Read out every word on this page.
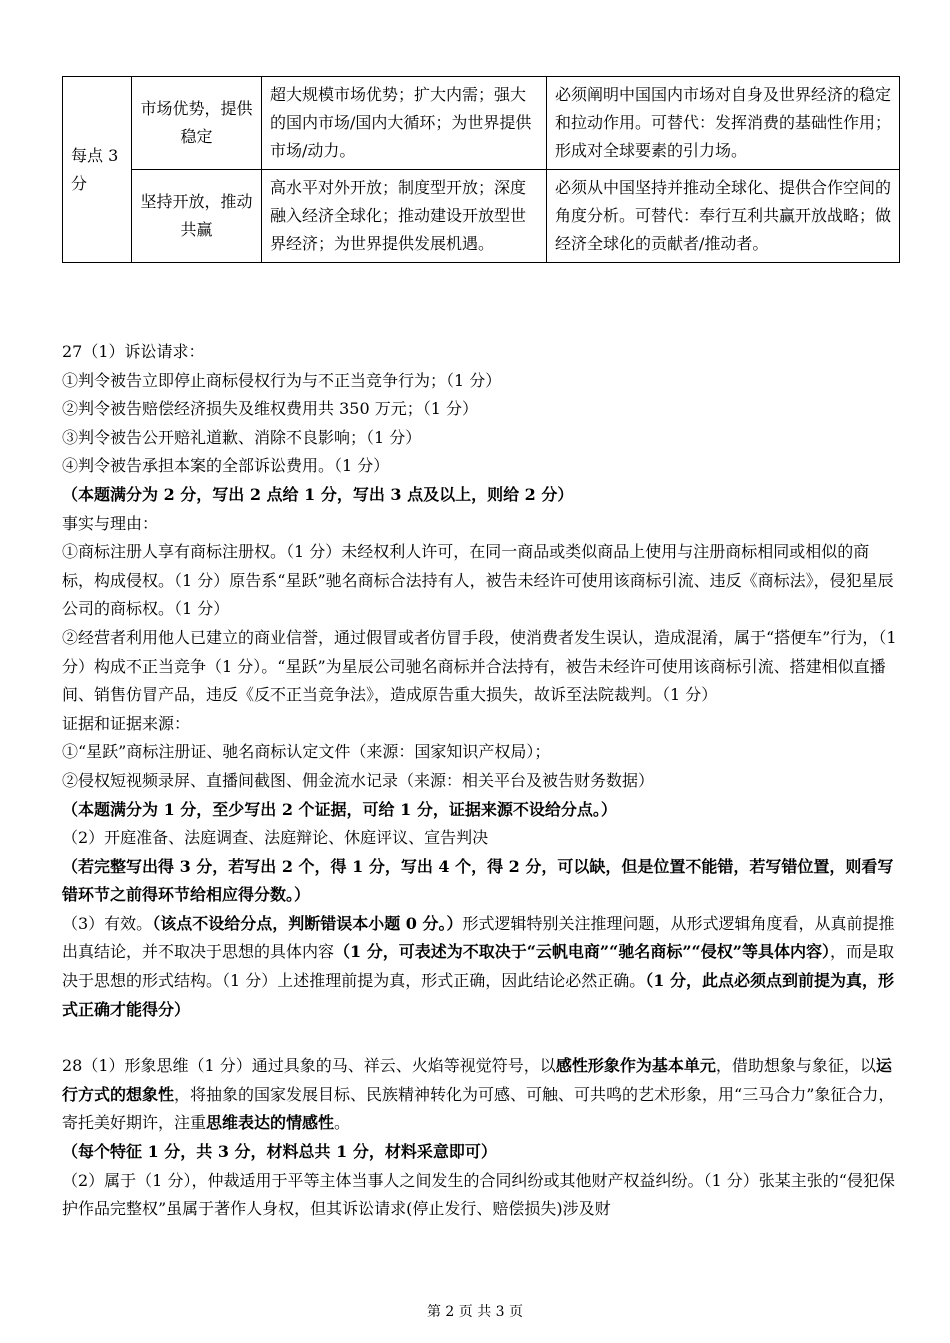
每点 3 分	市场优势，提供稳定	超大规模市场优势；扩大内需；强大的国内市场/国内大循环；为世界提供市场/动力。	必须阐明中国国内市场对自身及世界经济的稳定和拉动作用。可替代：发挥消费的基础性作用；形成对全球要素的引力场。
	坚持开放，推动共赢	高水平对外开放；制度型开放；深度融入经济全球化；推动建设开放型世界经济；为世界提供发展机遇。	必须从中国坚持并推动全球化、提供合作空间的角度分析。可替代：奉行互利共赢开放战略；做经济全球化的贡献者/推动者。

27（1）诉讼请求：

①判令被告立即停止商标侵权行为与不正当竞争行为；（1 分）

②判令被告赔偿经济损失及维权费用共 350 万元；（1 分）

③判令被告公开赔礼道歉、消除不良影响；（1 分）

④判令被告承担本案的全部诉讼费用。（1 分）

（本题满分为 2 分，写出 2 点给 1 分，写出 3 点及以上，则给 2 分）

事实与理由：

①商标注册人享有商标注册权。（1 分）未经权利人许可，在同一商品或类似商品上使用与注册商标相同或相似的商标，构成侵权。（1 分）原告系“星跃”驰名商标合法持有人，被告未经许可使用该商标引流、违反《商标法》，侵犯星辰公司的商标权。（1 分）

②经营者利用他人已建立的商业信誉，通过假冒或者仿冒手段，使消费者发生误认，造成混淆，属于“搭便车”行为，（1 分）构成不正当竞争（1 分）。“星跃”为星辰公司驰名商标并合法持有，被告未经许可使用该商标引流、搭建相似直播间、销售仿冒产品，违反《反不正当竞争法》，造成原告重大损失，故诉至法院裁判。（1 分）

证据和证据来源：

①“星跃”商标注册证、驰名商标认定文件（来源：国家知识产权局）；

②侵权短视频录屏、直播间截图、佣金流水记录（来源：相关平台及被告财务数据）

（本题满分为 1 分，至少写出 2 个证据，可给 1 分，证据来源不设给分点。）

（2）开庭准备、法庭调查、法庭辩论、休庭评议、宣告判决

（若完整写出得 3 分，若写出 2 个，得 1 分，写出 4 个，得 2 分，可以缺，但是位置不能错，若写错位置，则看写错环节之前得环节给相应得分数。）

（3）有效。（该点不设给分点，判断错误本小题 0 分。）形式逻辑特别关注推理问题，从形式逻辑角度看，从真前提推出真结论，并不取决于思想的具体内容（1 分，可表述为不取决于“云帆电商”“驰名商标”“侵权”等具体内容），而是取决于思想的形式结构。（1 分）上述推理前提为真，形式正确，因此结论必然正确。（1 分，此点必须点到前提为真，形式正确才能得分）

28（1）形象思维（1 分）通过具象的马、祥云、火焰等视觉符号，以感性形象作为基本单元，借助想象与象征，以运行方式的想象性，将抽象的国家发展目标、民族精神转化为可感、可触、可共鸣的艺术形象，用“三马合力”象征合力，寄托美好期许，注重思维表达的情感性。

（每个特征 1 分，共 3 分，材料总共 1 分，材料采意即可）

（2）属于（1 分），仲裁适用于平等主体当事人之间发生的合同纠纷或其他财产权益纠纷。（1 分）张某主张的“侵犯保护作品完整权”虽属于著作人身权，但其诉讼请求(停止发行、赔偿损失)涉及财

第 2 页 共 3 页
